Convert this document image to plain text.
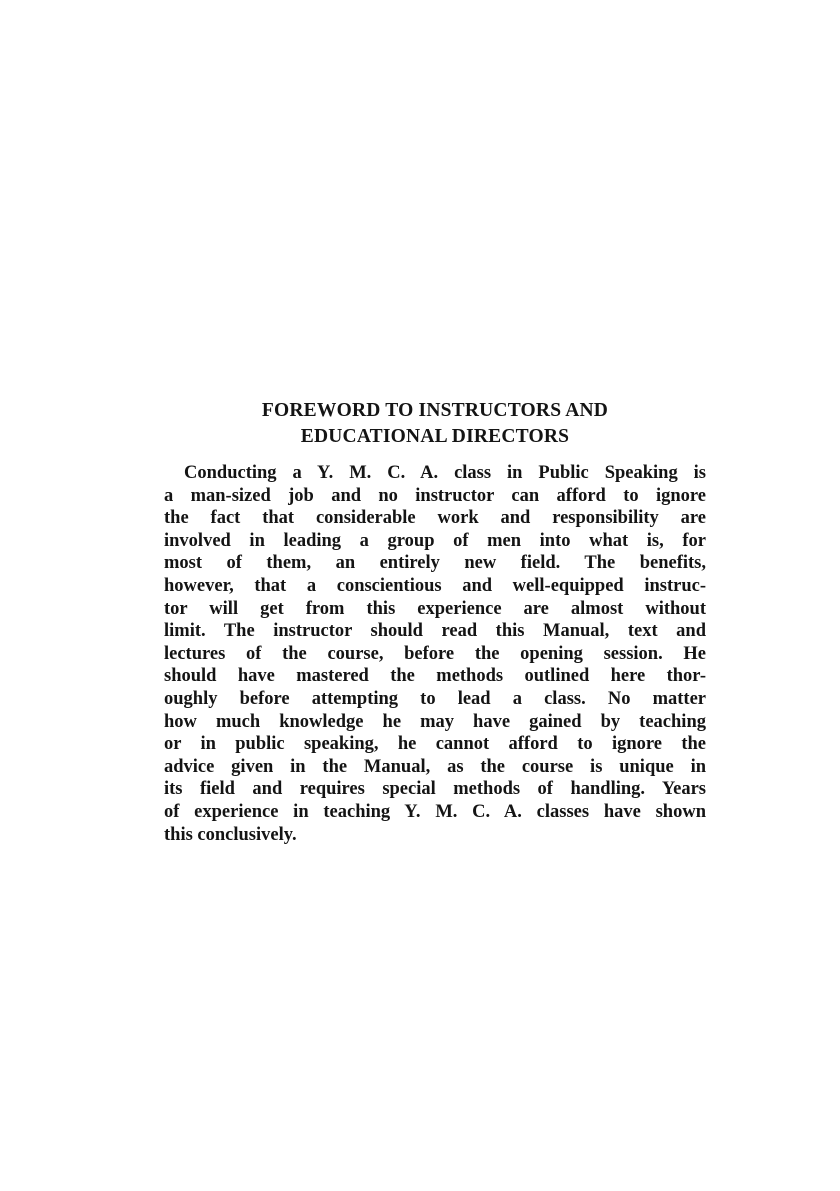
FOREWORD TO INSTRUCTORS AND
EDUCATIONAL DIRECTORS

Conducting a Y. M. C. A. class in Public Speaking is
a man-sized job and no instructor can afford to ignore
the fact that considerable work and responsibility are
involved in leading a group of men into what is, for
most of them, an entirely new field. The benefits,
however, that a conscientious and well-equipped instruc-
tor will get from this experience are almost without
limit. The instructor should read this Manual, text and
lectures of the course, before the opening session. He
should have mastered the methods outlined here thor-
oughly before attempting to lead a class. No matter
how much knowledge he may have gained by teaching
or in public speaking, he cannot afford to ignore the
advice given in the Manual, as the course is unique in
its field and requires special methods of handling. Years
of experience in teaching Y. M. C. A. classes have shown
this conclusively.
